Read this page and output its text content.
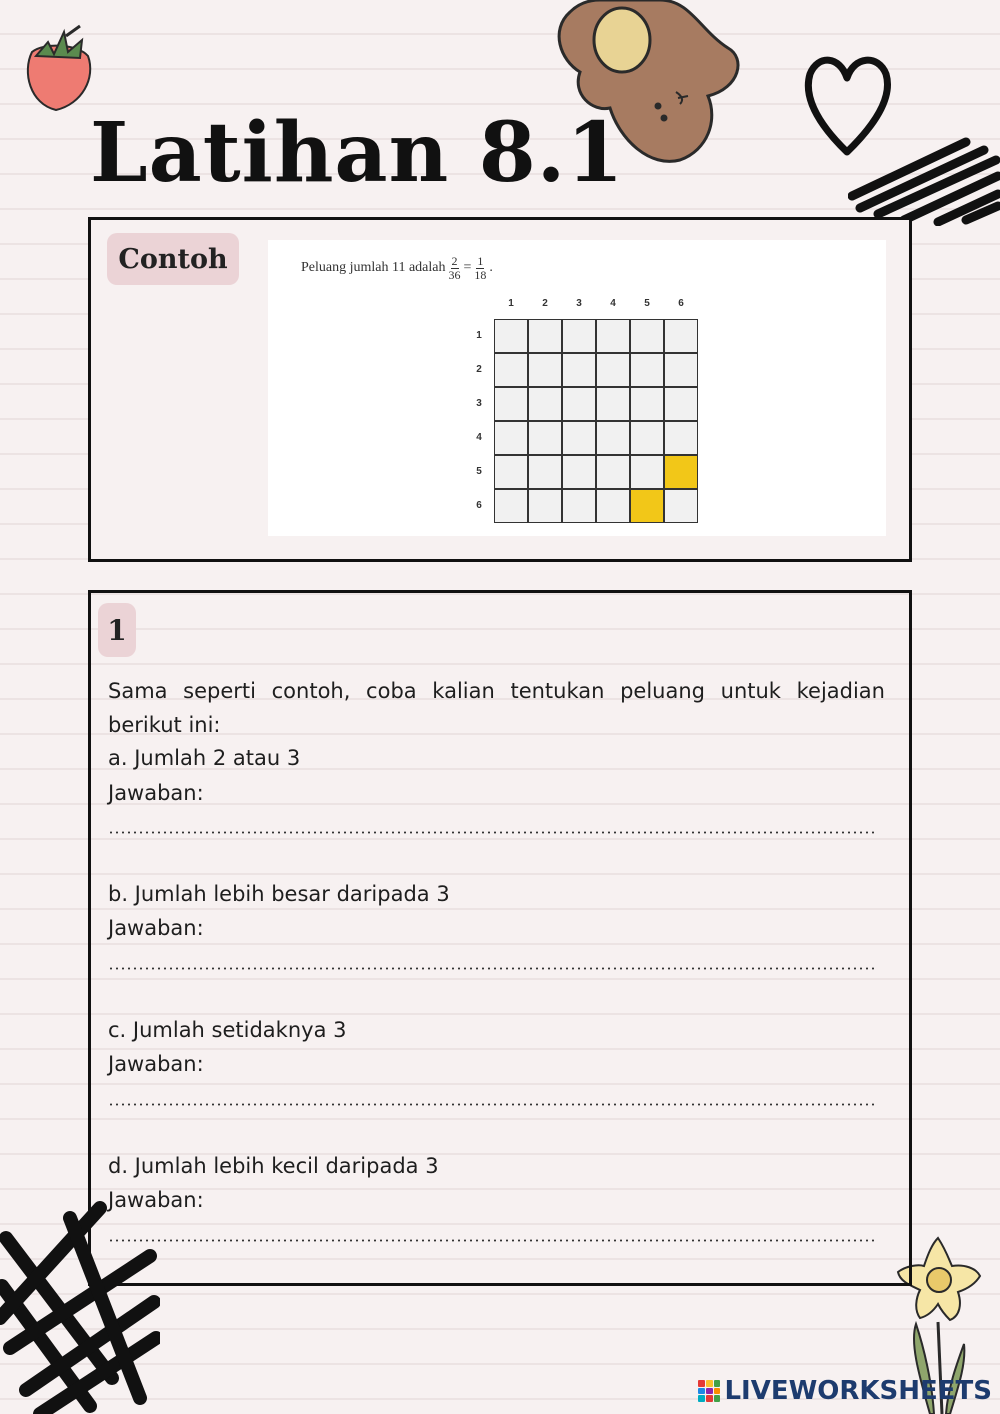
Latihan 8.1
Contoh	Peluang jumlah 11 adalah $\frac{2}{36} = \frac{1}{18}$ .
1	2	3	4	5	6
1
2
3
4
5
6
1

Sama seperti contoh, coba kalian tentukan peluang untuk kejadian berikut ini:

a. Jumlah 2 atau 3

Jawaban:

b. Jumlah lebih besar daripada 3

Jawaban:

c. Jumlah setidaknya 3

Jawaban:

d. Jumlah lebih kecil daripada 3

Jawaban:

LIVEWORKSHEETS
